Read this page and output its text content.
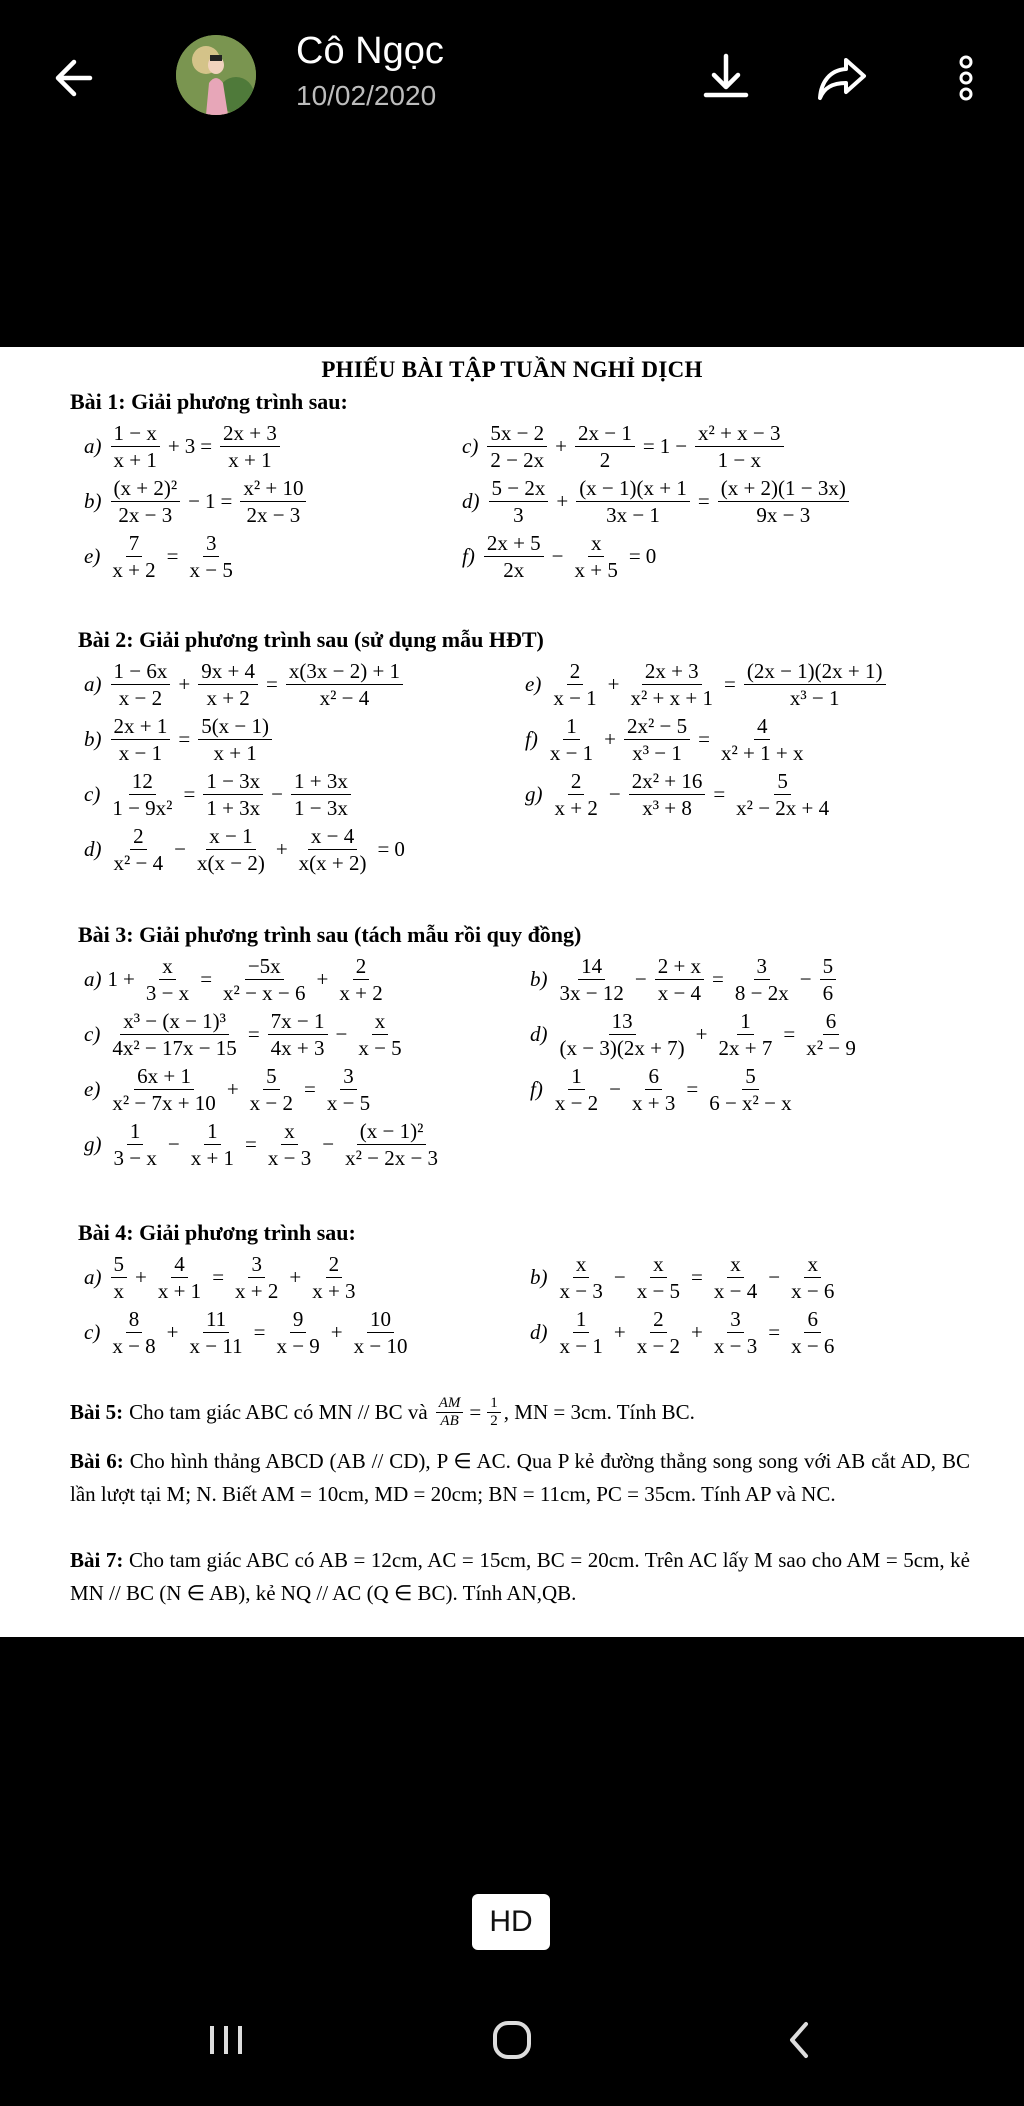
Cô Ngọc
10/02/2020
PHIẾU BÀI TẬP TUẦN NGHỈ DỊCH
Bài 1: Giải phương trình sau:
$a) \frac{1 - x}{x + 1} + 3 = \frac{2x + 3}{x + 1}$	$c) \frac{5x - 2}{2 - 2x} + \frac{2x - 1}{2} = 1 - \frac{\text{x² + x − 3}}{1 - x}$
$b) \frac{\text{(x + 2)²}}{2x - 3} - 1 = \frac{\text{x² + 10}}{2x - 3}$	$d) \frac{5 - 2x}{3} + \frac{(x - 1)(x + 1}{3x - 1} = \frac{(x + 2)(1 - 3x)}{9x - 3}$
$e) \frac{7}{x + 2} = \frac{3}{x - 5}$	$f) \frac{2x + 5}{2x} - \frac{x}{x + 5} = 0$
Bài 2: Giải phương trình sau (sử dụng mẫu HĐT)
$a) \frac{1 - 6x}{x - 2} + \frac{9x + 4}{x + 2} = \frac{x(3x - 2) + 1}{\text{x² − 4}}$	$e) \frac{2}{x - 1} + \frac{2x + 3}{\text{x² + x + 1}} = \frac{(2x - 1)(2x + 1)}{\text{x³ − 1}}$
$b) \frac{2x + 1}{x - 1} = \frac{5(x - 1)}{x + 1}$	$f) \frac{1}{x - 1} + \frac{\text{2x² − 5}}{\text{x³ − 1}} = \frac{4}{\text{x² + 1 + x}}$
$c) \frac{12}{\text{1 − 9x²}} = \frac{1 - 3x}{1 + 3x} - \frac{1 + 3x}{1 - 3x}$	$g) \frac{2}{x + 2} - \frac{\text{2x² + 16}}{\text{x³ + 8}} = \frac{5}{\text{x² − 2x + 4}}$
$d) \frac{2}{\text{x² − 4}} - \frac{x - 1}{x(x - 2)} + \frac{x - 4}{x(x + 2)} = 0$
Bài 3: Giải phương trình sau (tách mẫu rồi quy đồng)
a) $1 + \frac{x}{3 - x} = \frac{-5x}{\text{x² − x − 6}} + \frac{2}{x + 2}$	$b) \frac{14}{3x - 12} - \frac{2 + x}{x - 4} = \frac{3}{8 - 2x} - \frac{5}{6}$
$c) \frac{\text{x³ − (x − 1)³}}{\text{4x² − 17x − 15}} = \frac{7x - 1}{4x + 3} - \frac{x}{x - 5}$	$d) \frac{13}{(x - 3)(2x + 7)} + \frac{1}{2x + 7} = \frac{6}{\text{x² − 9}}$
$e) \frac{6x + 1}{\text{x² − 7x + 10}} + \frac{5}{x - 2} = \frac{3}{x - 5}$	$f) \frac{1}{x - 2} - \frac{6}{x + 3} = \frac{5}{\text{6 − x² − x}}$
$g) \frac{1}{3 - x} - \frac{1}{x + 1} = \frac{x}{x - 3} - \frac{\text{(x − 1)²}}{\text{x² − 2x − 3}}$
Bài 4: Giải phương trình sau:
$a) \frac{5}{x} + \frac{4}{x + 1} = \frac{3}{x + 2} + \frac{2}{x + 3}$	$b) \frac{x}{x - 3} - \frac{x}{x - 5} = \frac{x}{x - 4} - \frac{x}{x - 6}$
$c) \frac{8}{x - 8} + \frac{11}{x - 11} = \frac{9}{x - 9} + \frac{10}{x - 10}$	$d) \frac{1}{x - 1} + \frac{2}{x - 2} + \frac{3}{x - 3} = \frac{6}{x - 6}$
Bài 5: Cho tam giác ABC có MN // BC và $\frac{AM}{AB} = \frac{1}{2}$ , MN = 3cm. Tính BC.
Bài 6: Cho hình thảng ABCD (AB // CD), P ∈ AC. Qua P kẻ đường thẳng song song với AB cắt AD, BC lần lượt tại M; N. Biết AM = 10cm, MD = 20cm; BN = 11cm, PC = 35cm. Tính AP và NC.
Bài 7: Cho tam giác ABC có AB = 12cm, AC = 15cm, BC = 20cm. Trên AC lấy M sao cho AM = 5cm, kẻ MN // BC (N ∈ AB), kẻ NQ // AC (Q ∈ BC). Tính AN,QB.
HD
